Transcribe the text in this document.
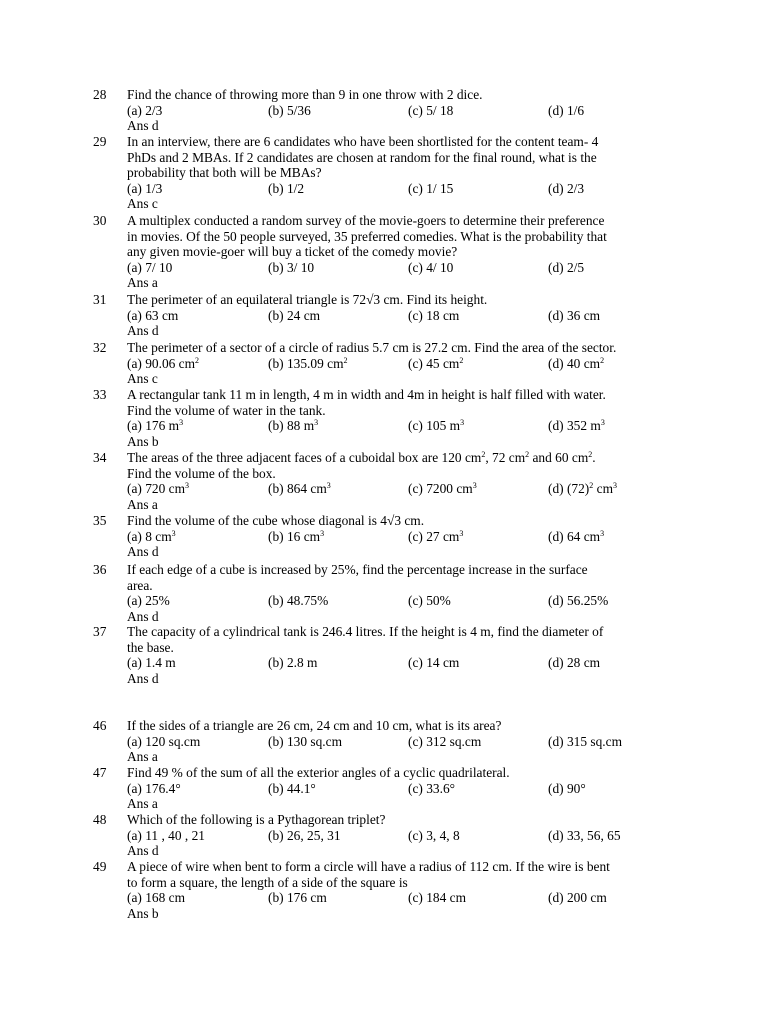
28 Find the chance of throwing more than 9 in one throw with 2 dice.
(a) 2/3	(b) 5/36	(c) 5/ 18	(d) 1/6
Ans d
29 In an interview, there are 6 candidates who have been shortlisted for the content team- 4
PhDs and 2 MBAs. If 2 candidates are chosen at random for the final round, what is the
probability that both will be MBAs?
(a) 1/3	(b) 1/2	(c) 1/ 15	(d) 2/3
Ans c
30 A multiplex conducted a random survey of the movie-goers to determine their preference
in movies. Of the 50 people surveyed, 35 preferred comedies. What is the probability that
any given movie-goer will buy a ticket of the comedy movie?
(a) 7/ 10	(b) 3/ 10	(c) 4/ 10	(d) 2/5
Ans a
31 The perimeter of an equilateral triangle is 72√3 cm. Find its height.
(a) 63 cm	(b) 24 cm	(c) 18 cm	(d) 36 cm
Ans d
32 The perimeter of a sector of a circle of radius 5.7 cm is 27.2 cm. Find the area of the sector.
(a) 90.06 $cm^2$	(b) 135.09 $cm^2$	(c) 45 $cm^2$	(d) 40 $cm^2$
Ans c
33 A rectangular tank 11 m in length, 4 m in width and 4m in height is half filled with water.
Find the volume of water in the tank.
(a) 176 $m^3$	(b) 88 $m^3$	(c) 105 $m^3$	(d) 352 $m^3$
Ans b
34 The areas of the three adjacent faces of a cuboidal box are 120 $cm^2$, 72 $cm^2$ and 60 $cm^2$.
Find the volume of the box.
(a) 720 $cm^3$	(b) 864 $cm^3$	(c) 7200 $cm^3$	(d) $(72)^2$ $cm^3$
Ans a
35 Find the volume of the cube whose diagonal is 4√3 cm.
(a) 8 $cm^3$	(b) 16 $cm^3$	(c) 27 $cm^3$	(d) 64 $cm^3$
Ans d
36 If each edge of a cube is increased by 25%, find the percentage increase in the surface
area.
(a) 25%	(b) 48.75%	(c) 50%	(d) 56.25%
Ans d
37 The capacity of a cylindrical tank is 246.4 litres. If the height is 4 m, find the diameter of
the base.
(a) 1.4 m	(b) 2.8 m	(c) 14 cm	(d) 28 cm
Ans d
46 If the sides of a triangle are 26 cm, 24 cm and 10 cm, what is its area?
(a) 120 sq.cm	(b) 130 sq.cm	(c) 312 sq.cm	(d) 315 sq.cm
Ans a
47 Find 49 % of the sum of all the exterior angles of a cyclic quadrilateral.
(a) 176.4°	(b) 44.1°	(c) 33.6°	(d) 90°
Ans a
48 Which of the following is a Pythagorean triplet?
(a) 11 , 40 , 21	(b) 26, 25, 31	(c) 3, 4, 8	(d) 33, 56, 65
Ans d
49 A piece of wire when bent to form a circle will have a radius of 112 cm. If the wire is bent
to form a square, the length of a side of the square is
(a) 168 cm	(b) 176 cm	(c) 184 cm	(d) 200 cm
Ans b
